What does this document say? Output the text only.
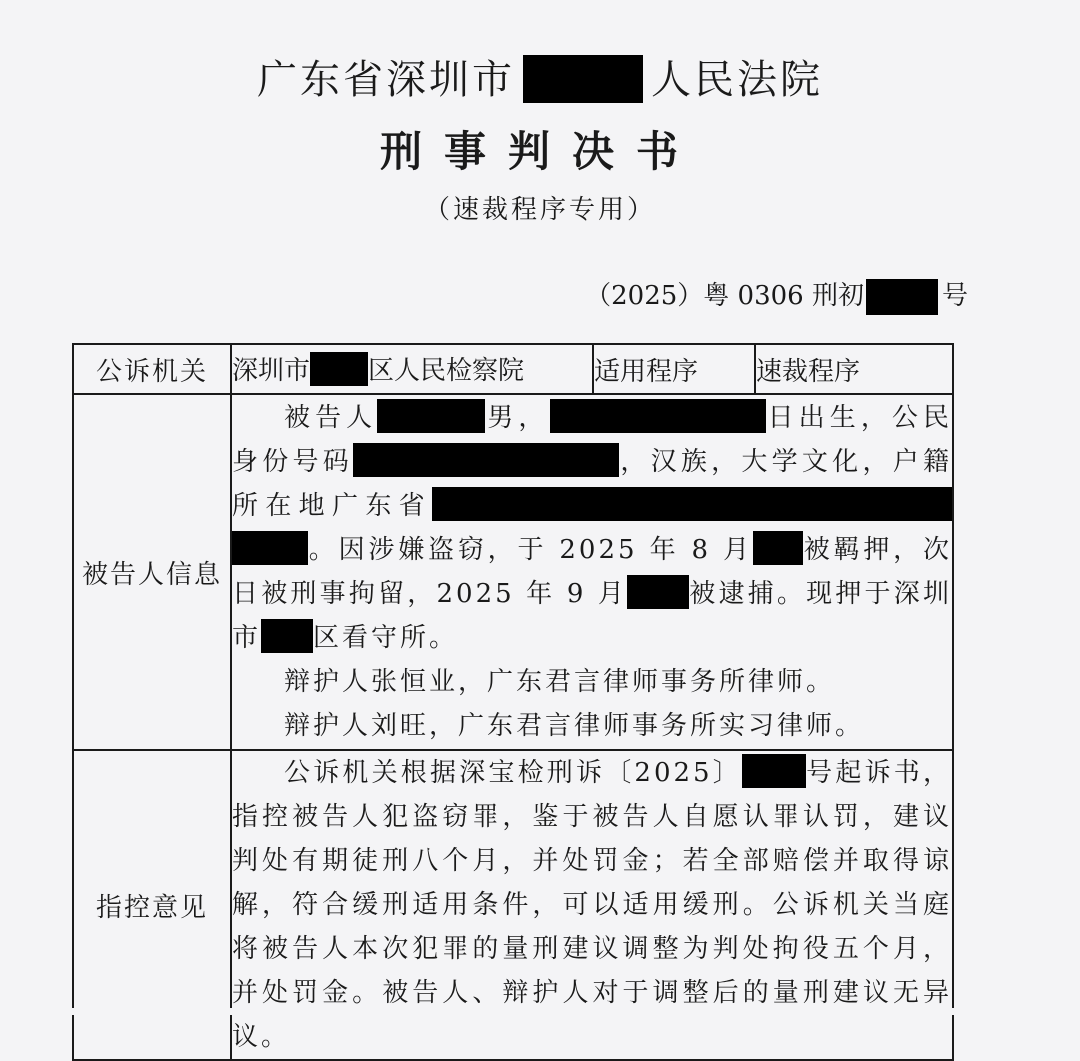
广东省深圳市	人民法院
刑事判决书
（速裁程序专用）
（2025）粤 0306 刑初	号
公诉机关	深圳市 区人民检察院	适用程序	速裁程序
被告人信息	被告人 男， 日出生，公民身份号码 ，汉族，大学文化，户籍所在地广东省。因涉嫌盗窃，于 2025 年 8 月 被羁押，次日被刑事拘留，2025 年 9 月 被逮捕。现押于深圳市 区看守所。
辩护人张恒业，广东君言律师事务所律师。
辩护人刘旺，广东君言律师事务所实习律师。		

指控意见	公诉机关根据深宝检刑诉〔2025〕 号起诉书，指控被告人犯盗窃罪，鉴于被告人自愿认罪认罚，建议判处有期徒刑八个月，并处罚金；若全部赔偿并取得谅解，符合缓刑适用条件，可以适用缓刑。公诉机关当庭将被告人本次犯罪的量刑建议调整为判处拘役五个月，并处罚金。被告人、辩护人对于调整后的量刑建议无异议。		
